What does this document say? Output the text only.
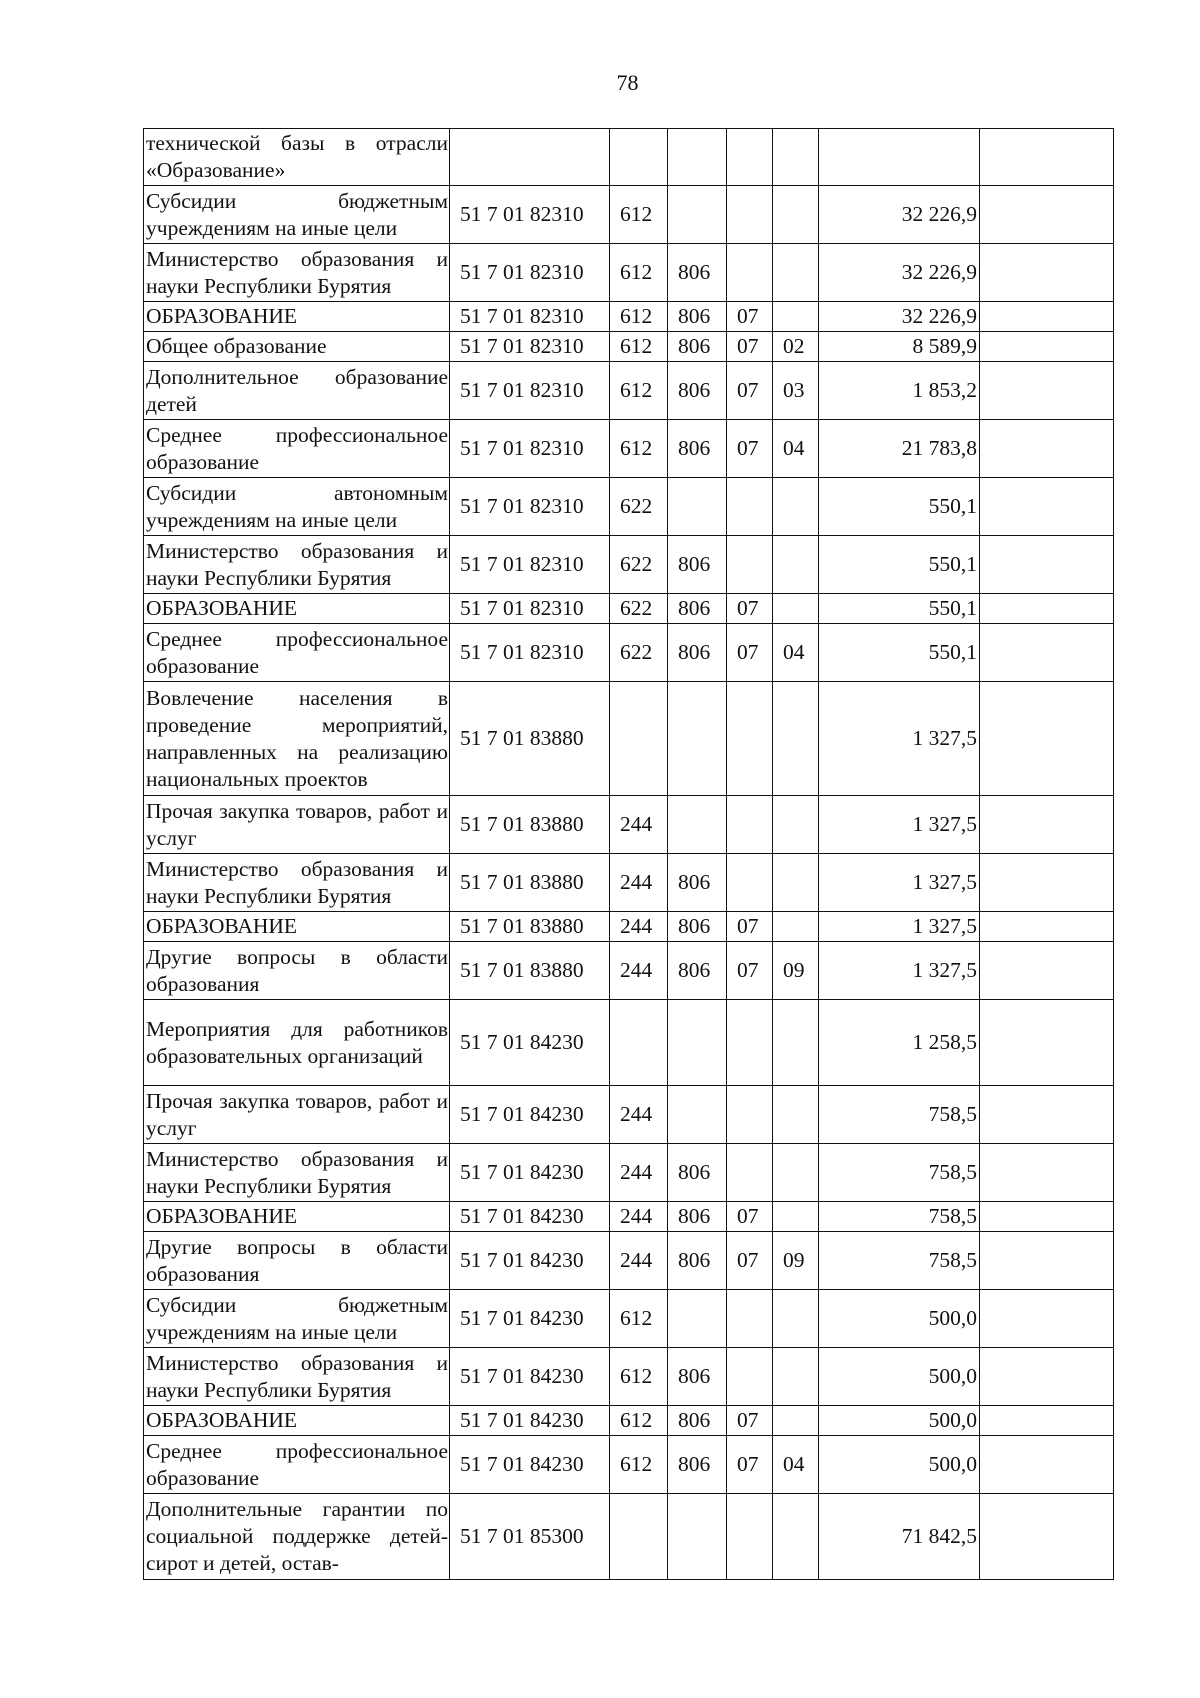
78
технической базы в отрасли «Образование»							
Субсидии бюджетным учреждениям на иные цели	51 7 01 82310	612				32 226,9	
Министерство образования и науки Республики Бурятия	51 7 01 82310	612	806			32 226,9	
ОБРАЗОВАНИЕ	51 7 01 82310	612	806	07		32 226,9	
Общее образование	51 7 01 82310	612	806	07	02	8 589,9	
Дополнительное образование детей	51 7 01 82310	612	806	07	03	1 853,2	
Среднее профессиональное образование	51 7 01 82310	612	806	07	04	21 783,8	
Субсидии автономным учреждениям на иные цели	51 7 01 82310	622				550,1	
Министерство образования и науки Республики Бурятия	51 7 01 82310	622	806			550,1	
ОБРАЗОВАНИЕ	51 7 01 82310	622	806	07		550,1	
Среднее профессиональное образование	51 7 01 82310	622	806	07	04	550,1	
Вовлечение населения в проведение мероприятий, направленных на реализацию национальных проектов	51 7 01 83880					1 327,5	
Прочая закупка товаров, работ и услуг	51 7 01 83880	244				1 327,5	
Министерство образования и науки Республики Бурятия	51 7 01 83880	244	806			1 327,5	
ОБРАЗОВАНИЕ	51 7 01 83880	244	806	07		1 327,5	
Другие вопросы в области образования	51 7 01 83880	244	806	07	09	1 327,5	
Мероприятия для работников образовательных организаций	51 7 01 84230					1 258,5	
Прочая закупка товаров, работ и услуг	51 7 01 84230	244				758,5	
Министерство образования и науки Республики Бурятия	51 7 01 84230	244	806			758,5	
ОБРАЗОВАНИЕ	51 7 01 84230	244	806	07		758,5	
Другие вопросы в области образования	51 7 01 84230	244	806	07	09	758,5	
Субсидии бюджетным учреждениям на иные цели	51 7 01 84230	612				500,0	
Министерство образования и науки Республики Бурятия	51 7 01 84230	612	806			500,0	
ОБРАЗОВАНИЕ	51 7 01 84230	612	806	07		500,0	
Среднее профессиональное образование	51 7 01 84230	612	806	07	04	500,0	
Дополнительные гарантии по социальной поддержке детей-сирот и детей, остав-	51 7 01 85300					71 842,5	
